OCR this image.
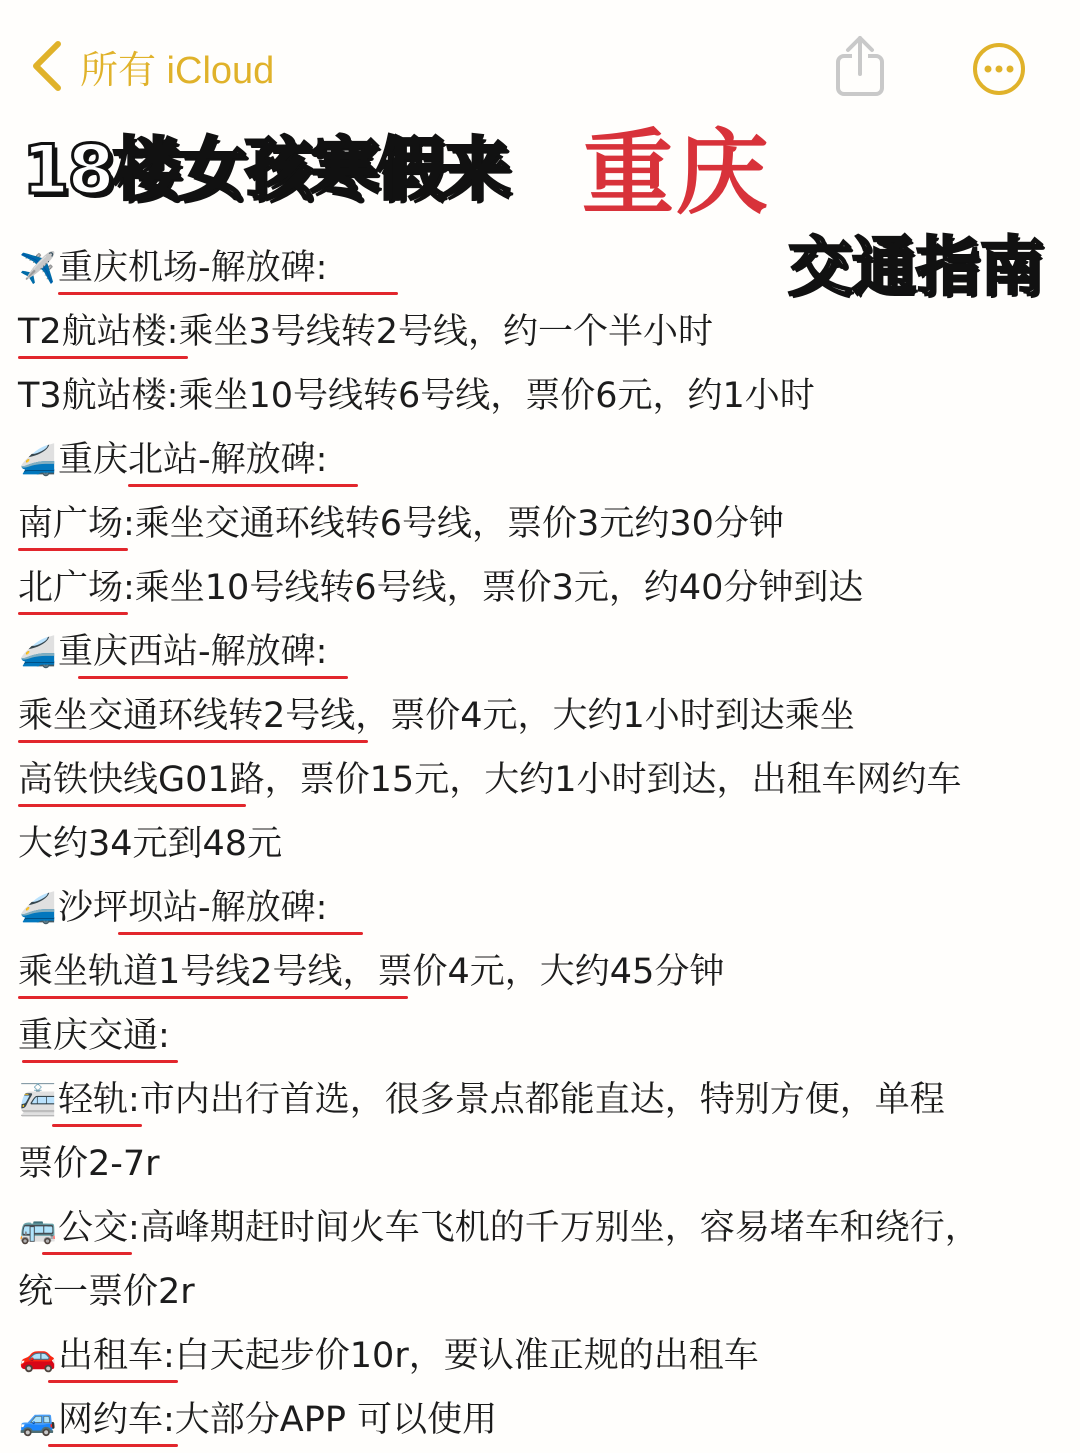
所有 iCloud
18楼女孩寒假来 重庆
交通指南
✈️重庆机场-解放碑:
T2航站楼:乘坐3号线转2号线，约一个半小时
T3航站楼:乘坐10号线转6号线，票价6元，约1小时
🚄重庆北站-解放碑:
南广场:乘坐交通环线转6号线，票价3元约30分钟
北广场:乘坐10号线转6号线，票价3元，约40分钟到达
🚄重庆西站-解放碑:
乘坐交通环线转2号线，票价4元，大约1小时到达乘坐
高铁快线G01路，票价15元，大约1小时到达，出租车网约车
大约34元到48元
🚄沙坪坝站-解放碑:
乘坐轨道1号线2号线，票价4元，大约45分钟
重庆交通:
🚈轻轨:市内出行首选，很多景点都能直达，特别方便，单程
票价2-7r
🚌公交:高峰期赶时间火车飞机的千万别坐，容易堵车和绕行，
统一票价2r
🚗出租车:白天起步价10r，要认准正规的出租车
🚙网约车:大部分APP 可以使用
